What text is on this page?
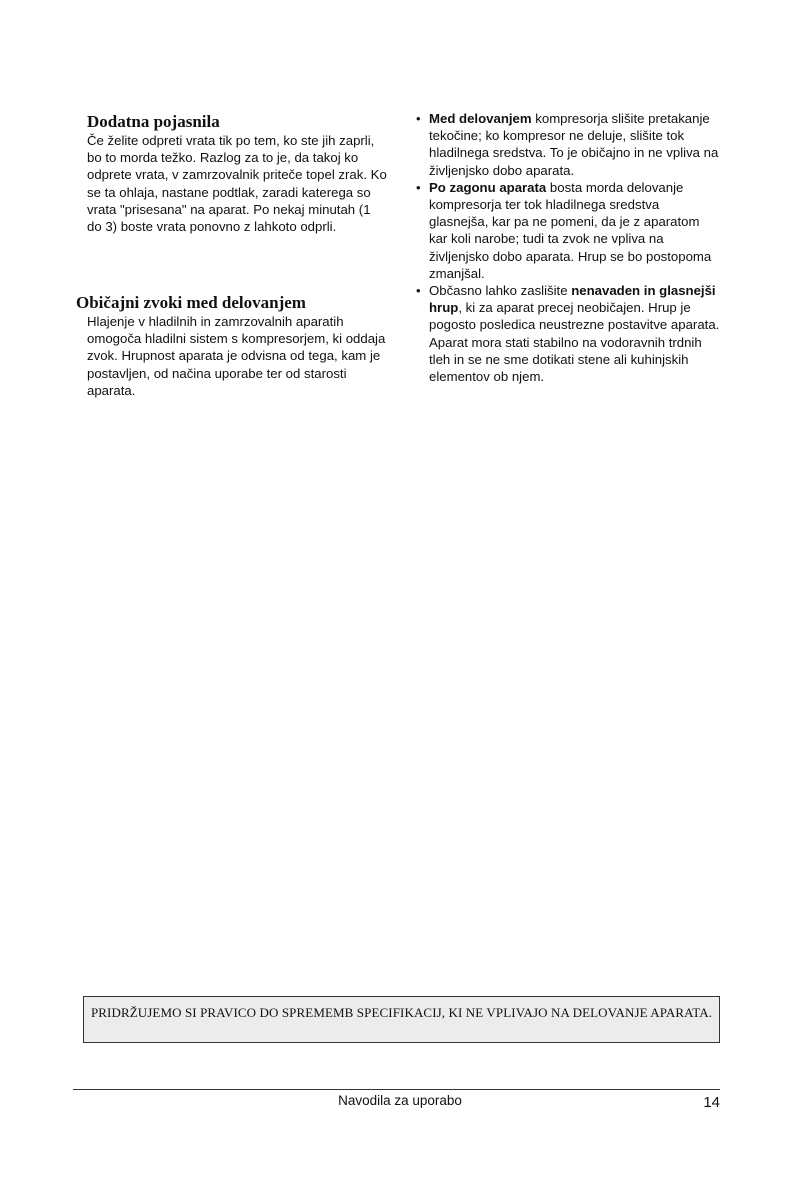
Dodatna pojasnila

Če želite odpreti vrata tik po tem, ko ste jih zaprli, bo to morda težko. Razlog za to je, da takoj ko odprete vrata, v zamrzovalnik priteče topel zrak. Ko se ta ohlaja, nastane podtlak, zaradi katerega so vrata "prisesana" na aparat. Po nekaj minutah (1 do 3) boste vrata ponovno z lahkoto odprli.

Običajni zvoki med delovanjem

Hlajenje v hladilnih in zamrzovalnih aparatih omogoča hladilni sistem s kompresorjem, ki oddaja zvok. Hrupnost aparata je odvisna od tega, kam je postavljen, od načina uporabe ter od starosti aparata.

• Med delovanjem kompresorja slišite pretakanje tekočine; ko kompresor ne deluje, slišite tok hladilnega sredstva. To je običajno in ne vpliva na življenjsko dobo aparata.
• Po zagonu aparata bosta morda delovanje kompresorja ter tok hladilnega sredstva glasnejša, kar pa ne pomeni, da je z aparatom kar koli narobe; tudi ta zvok ne vpliva na življenjsko dobo aparata. Hrup se bo postopoma zmanjšal.
• Občasno lahko zaslišite nenavaden in glasnejši hrup, ki za aparat precej neobičajen. Hrup je pogosto posledica neustrezne postavitve aparata. Aparat mora stati stabilno na vodoravnih trdnih tleh in se ne sme dotikati stene ali kuhinjskih elementov ob njem.
PRIDRŽUJEMO SI PRAVICO DO SPREMEMB SPECIFIKACIJ, KI NE VPLIVAJO NA DELOVANJE APARATA.
Navodila za uporabo	14
